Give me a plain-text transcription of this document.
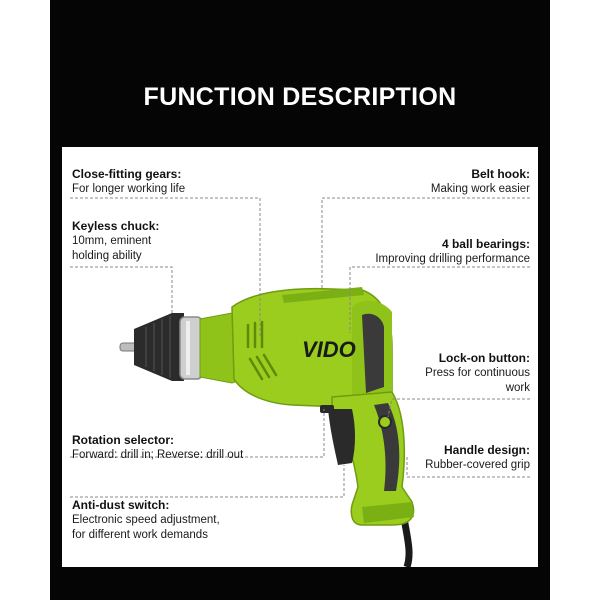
FUNCTION DESCRIPTION
VIDO
Close-fitting gears:
For longer working life
Keyless chuck:
10mm, eminent
holding ability
Rotation selector:
Forward: drill in; Reverse: drill out
Anti-dust switch:
Electronic speed adjustment,
for different work demands
Belt hook:
Making work easier
4 ball bearings:
Improving drilling performance
Lock-on button:
Press for continuous
work
Handle design:
Rubber-covered grip
